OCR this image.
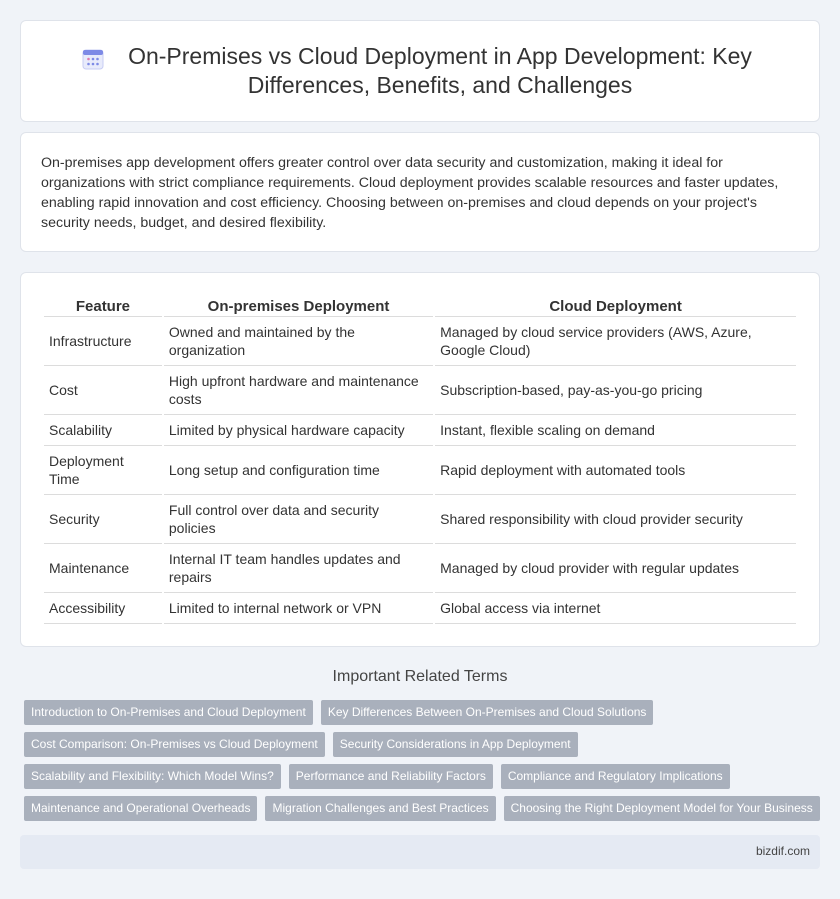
On-Premises vs Cloud Deployment in App Development: Key Differences, Benefits, and Challenges

On-premises app development offers greater control over data security and customization, making it ideal for organizations with strict compliance requirements. Cloud deployment provides scalable resources and faster updates, enabling rapid innovation and cost efficiency. Choosing between on-premises and cloud depends on your project's security needs, budget, and desired flexibility.

Feature	On-premises Deployment	Cloud Deployment
Infrastructure	Owned and maintained by the organization	Managed by cloud service providers (AWS, Azure, Google Cloud)
Cost	High upfront hardware and maintenance costs	Subscription-based, pay-as-you-go pricing
Scalability	Limited by physical hardware capacity	Instant, flexible scaling on demand
Deployment Time	Long setup and configuration time	Rapid deployment with automated tools
Security	Full control over data and security policies	Shared responsibility with cloud provider security
Maintenance	Internal IT team handles updates and repairs	Managed by cloud provider with regular updates
Accessibility	Limited to internal network or VPN	Global access via internet
Important Related Terms
Introduction to On-Premises and Cloud Deployment	Key Differences Between On-Premises and Cloud Solutions
Cost Comparison: On-Premises vs Cloud Deployment	Security Considerations in App Deployment
Scalability and Flexibility: Which Model Wins?	Performance and Reliability Factors	Compliance and Regulatory Implications
Maintenance and Operational Overheads	Migration Challenges and Best Practices	Choosing the Right Deployment Model for Your Business
bizdif.com
